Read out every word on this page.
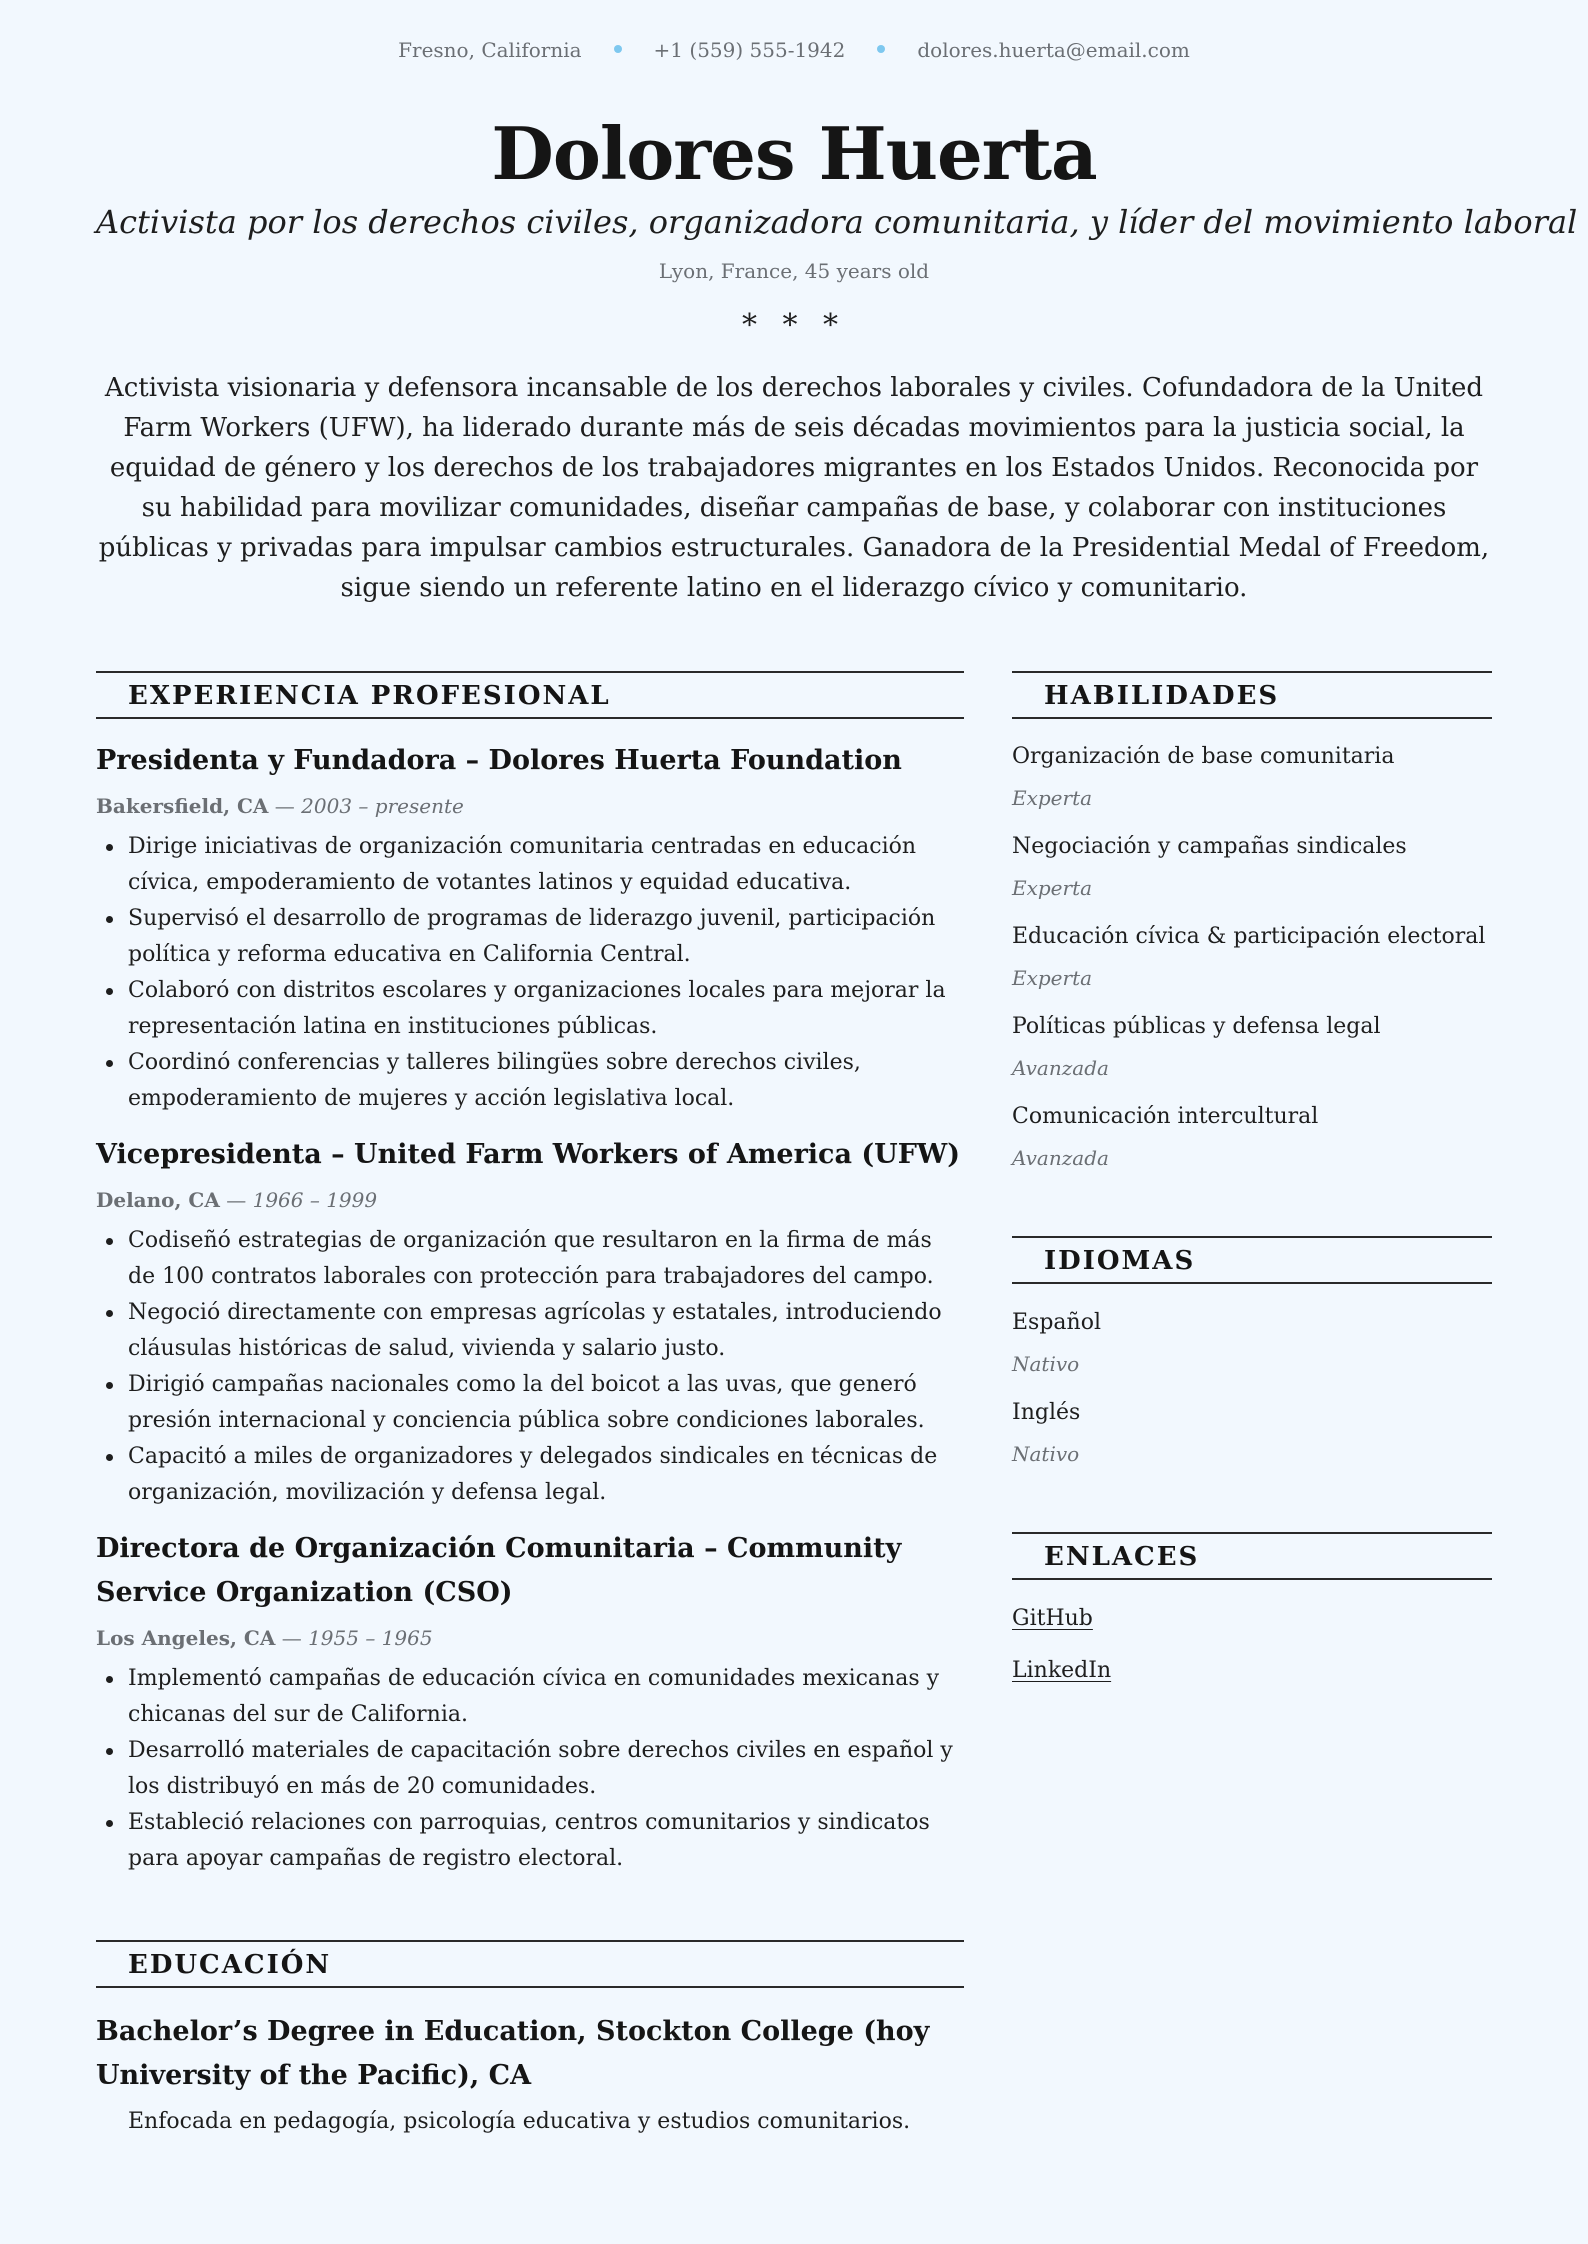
Fresno, California	+1 (559) 555-1942	dolores.huerta@email.com
Dolores Huerta
Activista por los derechos civiles, organizadora comunitaria, y líder del movimiento laboral
Lyon, France, 45 years old
* * *
Activista visionaria y defensora incansable de los derechos laborales y civiles. Cofundadora de la United Farm Workers (UFW), ha liderado durante más de seis décadas movimientos para la justicia social, la equidad de género y los derechos de los trabajadores migrantes en los Estados Unidos. Reconocida por su habilidad para movilizar comunidades, diseñar campañas de base, y colaborar con instituciones públicas y privadas para impulsar cambios estructurales. Ganadora de la Presidential Medal of Freedom, sigue siendo un referente latino en el liderazgo cívico y comunitario.
EXPERIENCIA PROFESIONAL
Presidenta y Fundadora – Dolores Huerta Foundation
Bakersfield, CA — 2003 – presente
Dirige iniciativas de organización comunitaria centradas en educación cívica, empoderamiento de votantes latinos y equidad educativa.
Supervisó el desarrollo de programas de liderazgo juvenil, participación política y reforma educativa en California Central.
Colaboró con distritos escolares y organizaciones locales para mejorar la representación latina en instituciones públicas.
Coordinó conferencias y talleres bilingües sobre derechos civiles, empoderamiento de mujeres y acción legislativa local.
Vicepresidenta – United Farm Workers of America (UFW)
Delano, CA — 1966 – 1999
Codiseñó estrategias de organización que resultaron en la firma de más de 100 contratos laborales con protección para trabajadores del campo.
Negoció directamente con empresas agrícolas y estatales, introduciendo cláusulas históricas de salud, vivienda y salario justo.
Dirigió campañas nacionales como la del boicot a las uvas, que generó presión internacional y conciencia pública sobre condiciones laborales.
Capacitó a miles de organizadores y delegados sindicales en técnicas de organización, movilización y defensa legal.
Directora de Organización Comunitaria – Community Service Organization (CSO)
Los Angeles, CA — 1955 – 1965
Implementó campañas de educación cívica en comunidades mexicanas y chicanas del sur de California.
Desarrolló materiales de capacitación sobre derechos civiles en español y los distribuyó en más de 20 comunidades.
Estableció relaciones con parroquias, centros comunitarios y sindicatos para apoyar campañas de registro electoral.
EDUCACIÓN
Bachelor’s Degree in Education, Stockton College (hoy University of the Pacific), CA
Enfocada en pedagogía, psicología educativa y estudios comunitarios.
HABILIDADES
Organización de base comunitaria
Experta
Negociación y campañas sindicales
Experta
Educación cívica & participación electoral
Experta
Políticas públicas y defensa legal
Avanzada
Comunicación intercultural
Avanzada
IDIOMAS
Español
Nativo
Inglés
Nativo
ENLACES
GitHub
LinkedIn
